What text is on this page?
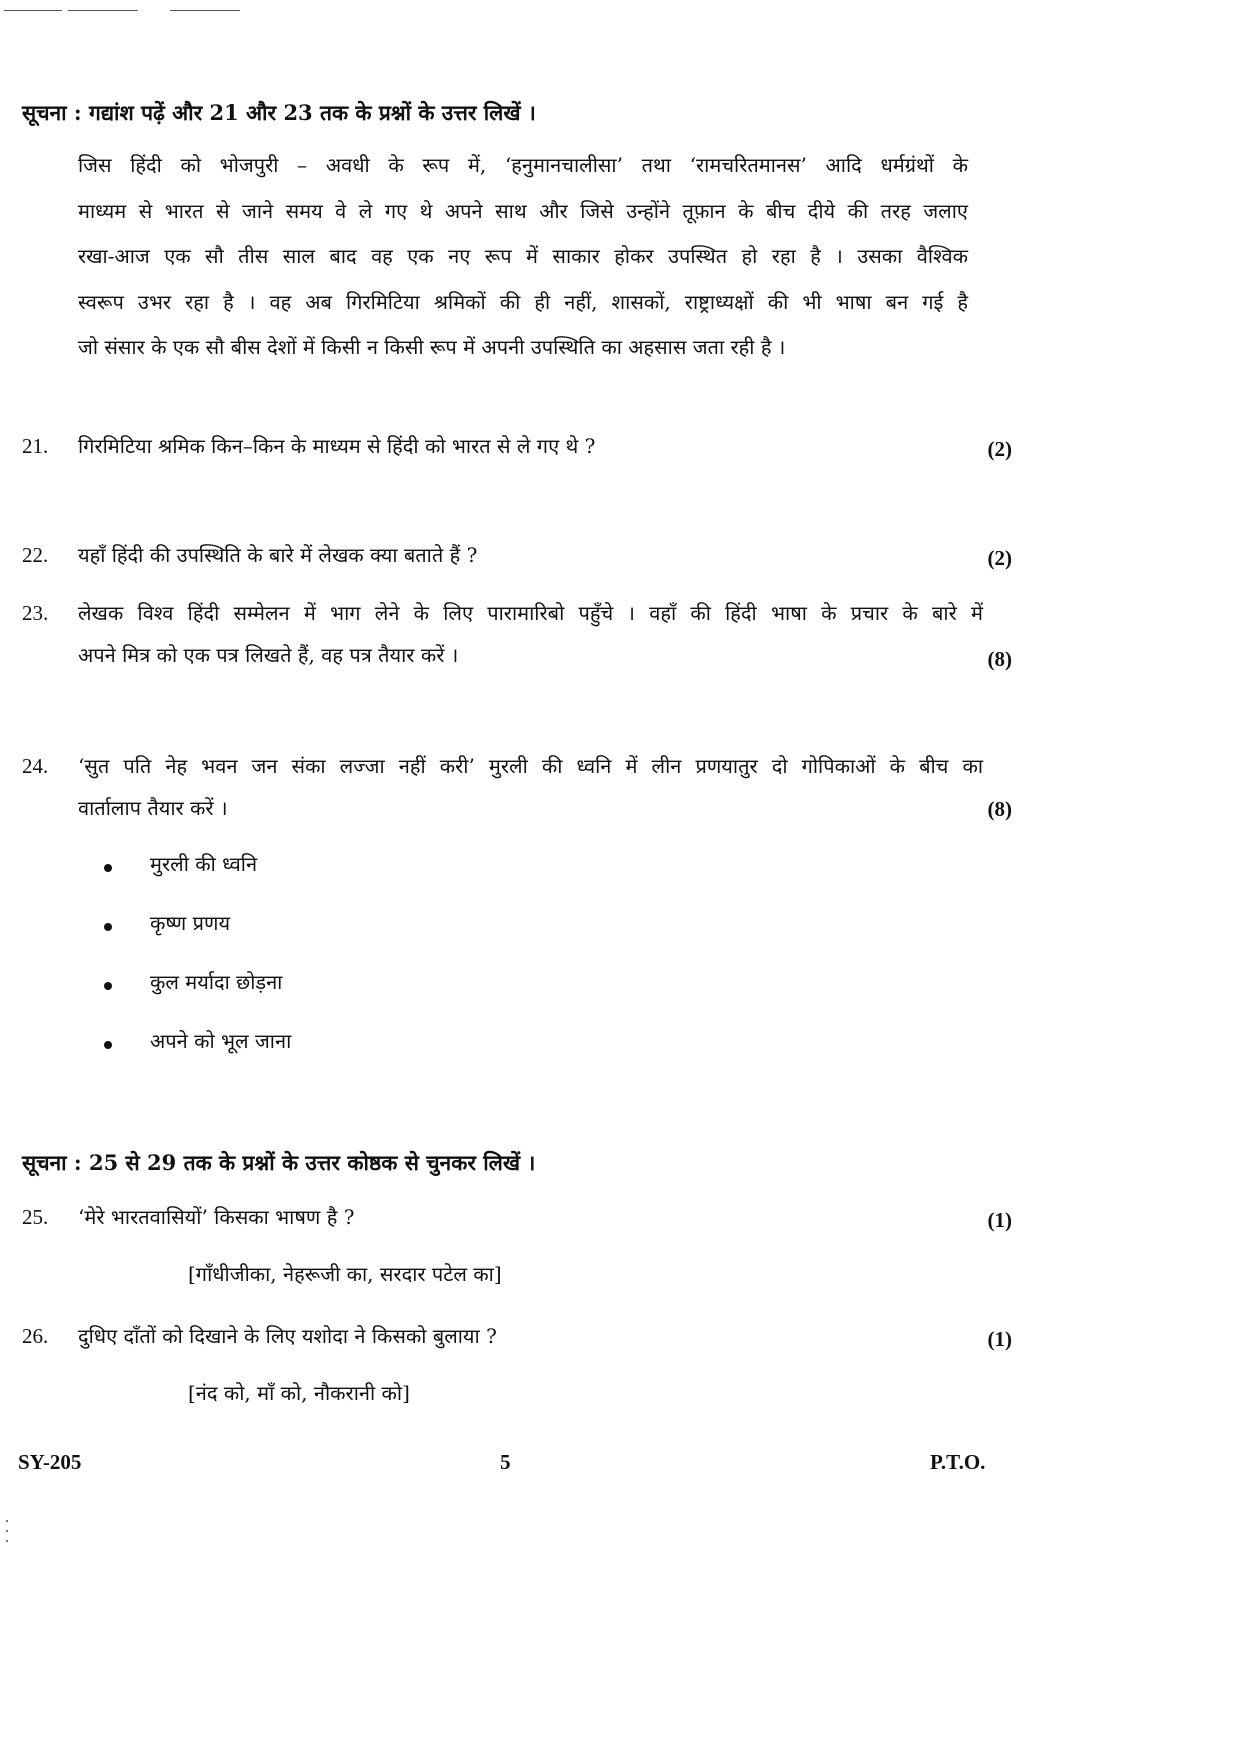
सूचना : गद्यांश पढ़ें और 21 और 23 तक के प्रश्नों के उत्तर लिखें ।
जिस हिंदी को भोजपुरी – अवधी के रूप में, ‘हनुमानचालीसा’ तथा ‘रामचरितमानस’ आदि धर्मग्रंथों के
माध्यम से भारत से जाने समय वे ले गए थे अपने साथ और जिसे उन्होंने तूफ़ान के बीच दीये की तरह जलाए
रखा-आज एक सौ तीस साल बाद वह एक नए रूप में साकार होकर उपस्थित हो रहा है । उसका वैश्विक
स्वरूप उभर रहा है । वह अब गिरमिटिया श्रमिकों की ही नहीं, शासकों, राष्ट्राध्यक्षों की भी भाषा बन गई है
जो संसार के एक सौ बीस देशों में किसी न किसी रूप में अपनी उपस्थिति का अहसास जता रही है ।
21.	गिरमिटिया श्रमिक किन–किन के माध्यम से हिंदी को भारत से ले गए थे ?	(2)
22.	यहाँ हिंदी की उपस्थिति के बारे में लेखक क्या बताते हैं ?	(2)
23.	लेखक विश्व हिंदी सम्मेलन में भाग लेने के लिए पारामारिबो पहुँचे । वहाँ की हिंदी भाषा के प्रचार के बारे में
अपने मित्र को एक पत्र लिखते हैं, वह पत्र तैयार करें ।	(8)
24.	‘सुत पति नेह भवन जन संका लज्जा नहीं करी’ मुरली की ध्वनि में लीन प्रणयातुर दो गोपिकाओं के बीच का
वार्तालाप तैयार करें ।	(8)
मुरली की ध्वनि
कृष्ण प्रणय
कुल मर्यादा छोड़ना
अपने को भूल जाना
सूचना : 25 से 29 तक के प्रश्नों के उत्तर कोष्ठक से चुनकर लिखें ।
25.	‘मेरे भारतवासियों’ किसका भाषण है ?	(1)
[गाँधीजीका, नेहरूजी का, सरदार पटेल का]
26.	दुधिए दाँतों को दिखाने के लिए यशोदा ने किसको बुलाया ?	(1)
[नंद को, माँ को, नौकरानी को]
SY-205	5	P.T.O.
